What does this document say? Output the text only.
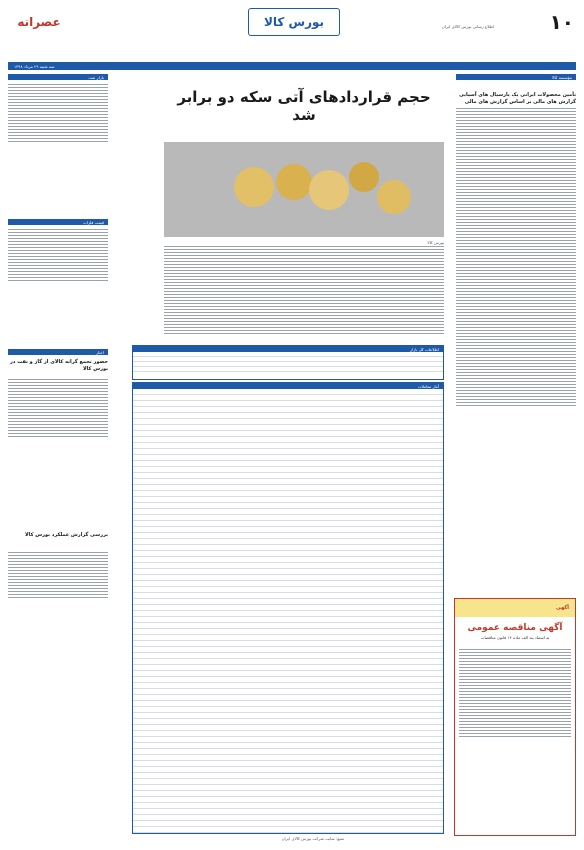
۱۰
بورس کالا
عصرانه	اطلاع رسانی بورس کالای ایران
سه شنبه ۲۹ مرداد ۱۳۹۸
مؤسسه کالا
تأمین محصولات ایرانی یک پارسیال های آسیایی گزارش های مالی بر اساس گزارش های مالی
حجم قراردادهای آتی سکه دو برابر شد
بورس کالا
بازار نفت
قیمت فلزات
اخبار
حضور تجمع گرانه کالای از گاز و نفت در بورس کالا
بررسی گزارش عملکرد بورس کالا
اطلاعات کل بازار

آمار معاملات
آگهی
آگهی مناقصه عمومی
به استناد بند الف ماده ۱۴ قانون مناقصات
منبع: سایت شرکت بورس کالای ایران
